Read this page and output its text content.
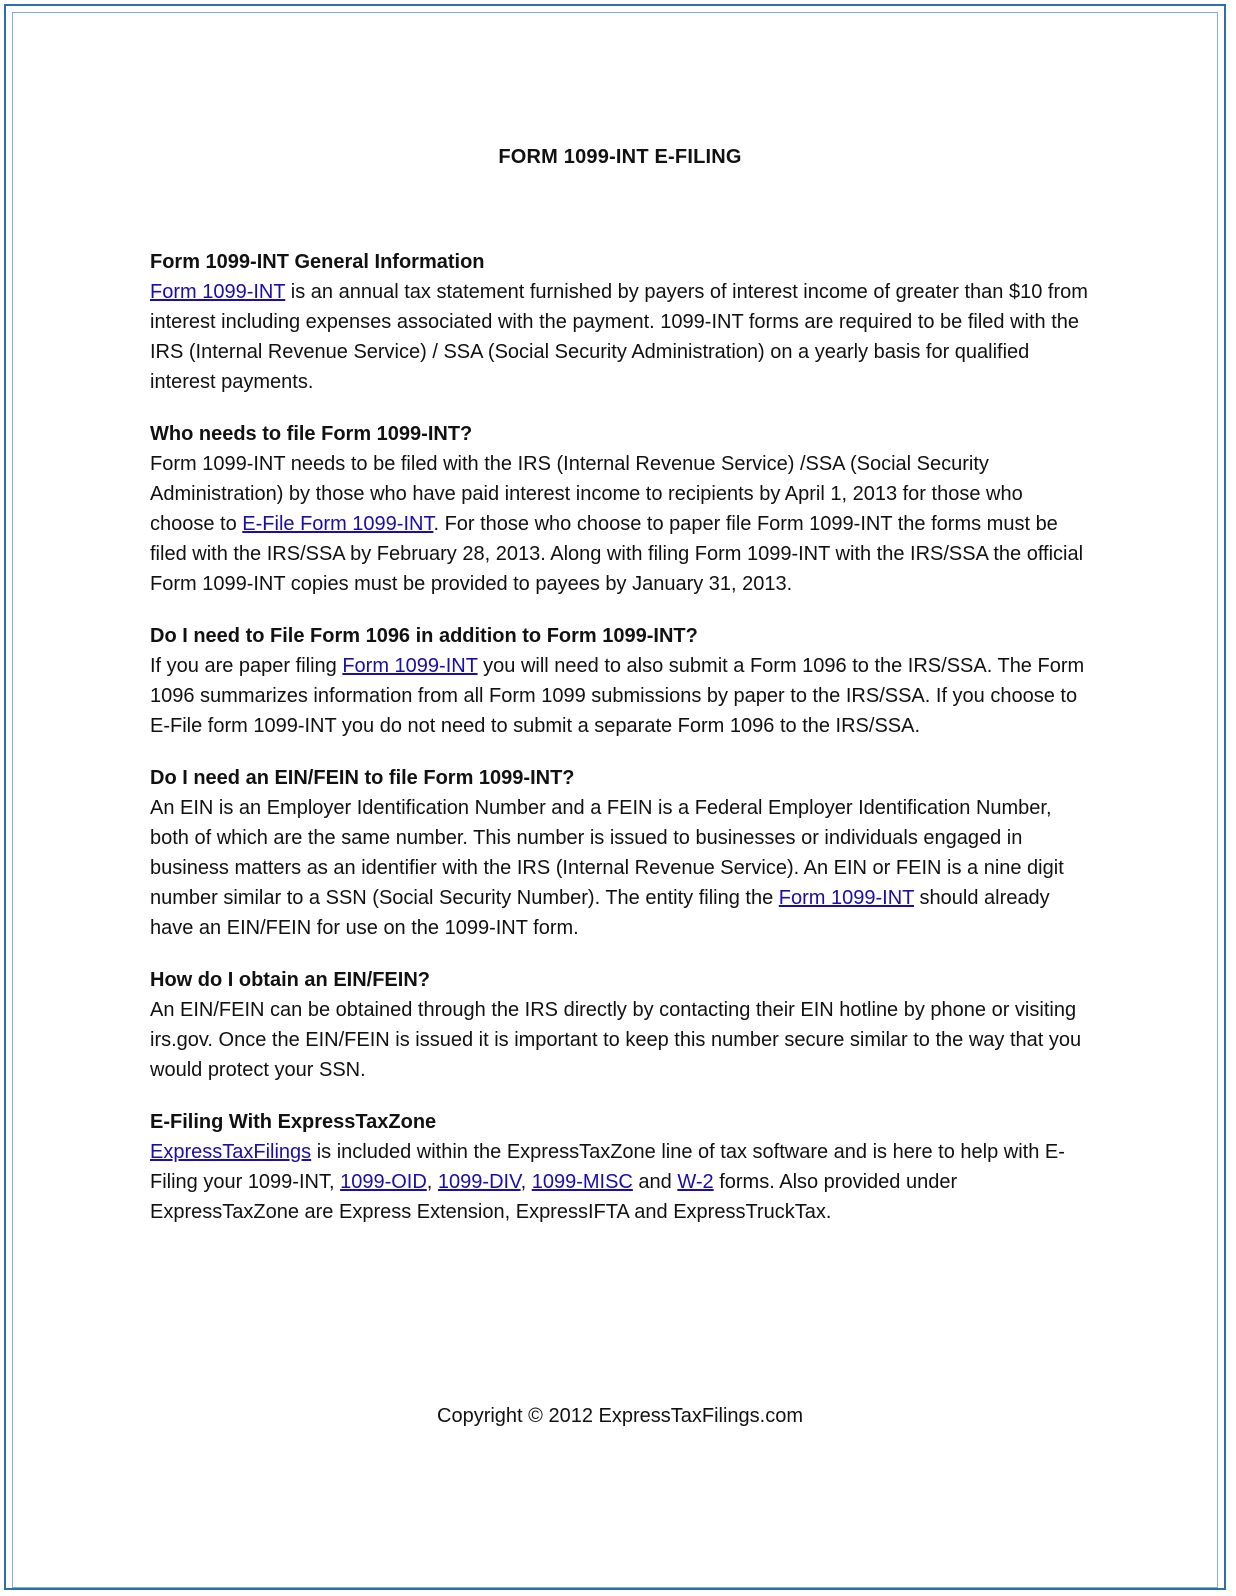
FORM 1099-INT E-FILING
Form 1099-INT General Information

Form 1099-INT is an annual tax statement furnished by payers of interest income of greater than $10 from interest including expenses associated with the payment. 1099-INT forms are required to be filed with the IRS (Internal Revenue Service) / SSA (Social Security Administration) on a yearly basis for qualified interest payments.

Who needs to file Form 1099-INT?

Form 1099-INT needs to be filed with the IRS (Internal Revenue Service) /SSA (Social Security Administration) by those who have paid interest income to recipients by April 1, 2013 for those who choose to E-File Form 1099-INT. For those who choose to paper file Form 1099-INT the forms must be filed with the IRS/SSA by February 28, 2013. Along with filing Form 1099-INT with the IRS/SSA the official Form 1099-INT copies must be provided to payees by January 31, 2013.

Do I need to File Form 1096 in addition to Form 1099-INT?

If you are paper filing Form 1099-INT you will need to also submit a Form 1096 to the IRS/SSA. The Form 1096 summarizes information from all Form 1099 submissions by paper to the IRS/SSA. If you choose to E-File form 1099-INT you do not need to submit a separate Form 1096 to the IRS/SSA.

Do I need an EIN/FEIN to file Form 1099-INT?

An EIN is an Employer Identification Number and a FEIN is a Federal Employer Identification Number, both of which are the same number. This number is issued to businesses or individuals engaged in business matters as an identifier with the IRS (Internal Revenue Service). An EIN or FEIN is a nine digit number similar to a SSN (Social Security Number). The entity filing the Form 1099-INT should already have an EIN/FEIN for use on the 1099-INT form.

How do I obtain an EIN/FEIN?

An EIN/FEIN can be obtained through the IRS directly by contacting their EIN hotline by phone or visiting irs.gov. Once the EIN/FEIN is issued it is important to keep this number secure similar to the way that you would protect your SSN.

E-Filing With ExpressTaxZone

ExpressTaxFilings is included within the ExpressTaxZone line of tax software and is here to help with E-Filing your 1099-INT, 1099-OID, 1099-DIV, 1099-MISC and W-2 forms. Also provided under ExpressTaxZone are Express Extension, ExpressIFTA and ExpressTruckTax.

Copyright © 2012 ExpressTaxFilings.com
